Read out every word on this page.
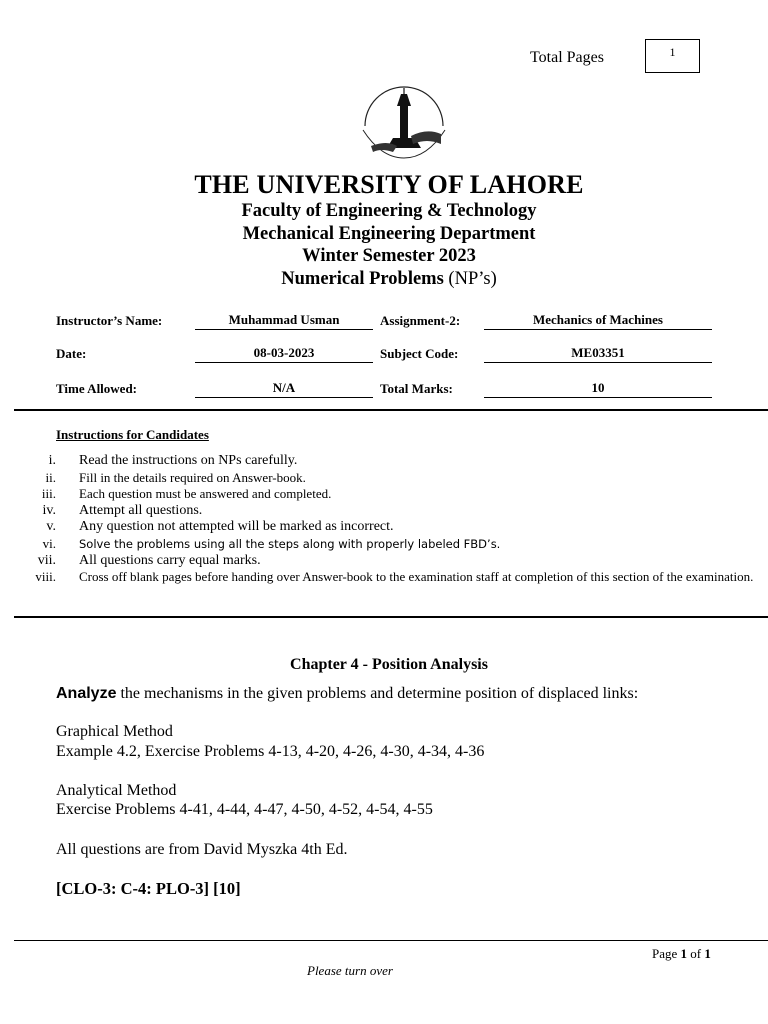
Total Pages	1
THE UNIVERSITY OF LAHORE
Faculty of Engineering & Technology
Mechanical Engineering Department
Winter Semester 2023
Numerical Problems (NP’s)
Instructor’s Name:	Muhammad Usman	Assignment-2:	Mechanics of Machines
Date:	08-03-2023	Subject Code:	ME03351
Time Allowed:	N/A	Total Marks:	10
Instructions for Candidates
i.	Read the instructions on NPs carefully.
ii.	Fill in the details required on Answer-book.
iii.	Each question must be answered and completed.
iv.	Attempt all questions.
v.	Any question not attempted will be marked as incorrect.
vi.	Solve the problems using all the steps along with properly labeled FBD’s.
vii.	All questions carry equal marks.
viii.	Cross off blank pages before handing over Answer-book to the examination staff at completion of this section of the examination.
Chapter 4 - Position Analysis
Analyze the mechanisms in the given problems and determine position of displaced links:
Graphical Method
Example 4.2, Exercise Problems 4-13, 4-20, 4-26, 4-30, 4-34, 4-36
Analytical Method
Exercise Problems 4-41, 4-44, 4-47, 4-50, 4-52, 4-54, 4-55
All questions are from David Myszka 4th Ed.
[CLO-3: C-4: PLO-3] [10]
Page 1 of 1
Please turn over
